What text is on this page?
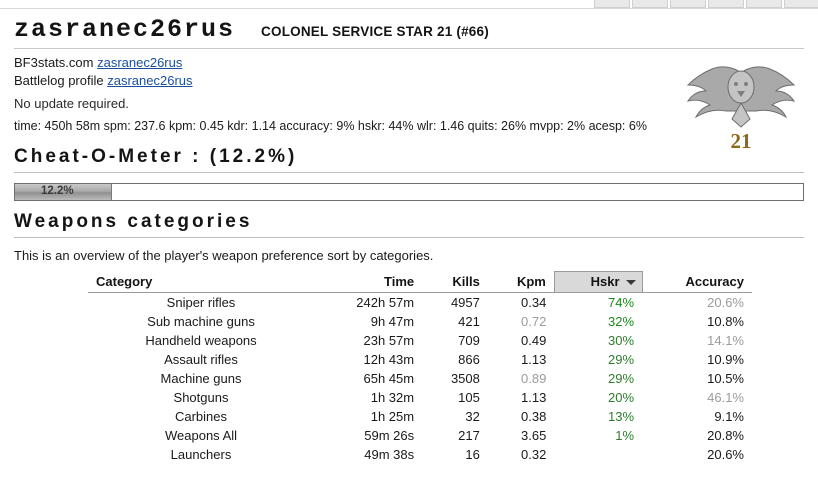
zasranec26rus COLONEL SERVICE STAR 21 (#66)
BF3stats.com zasranec26rus
Battlelog profile zasranec26rus
No update required.
time: 450h 58m spm: 237.6 kpm: 0.45 kdr: 1.14 accuracy: 9% hskr: 44% wlr: 1.46 quits: 26% mvpp: 2% acesp: 6%
21
Cheat-O-Meter : (12.2%)
12.2%
Weapons categories
This is an overview of the player's weapon preference sort by categories.
Category	Time	Kills	Kpm	Hskr	Accuracy
Sniper rifles	242h 57m	4957	0.34	74%	20.6%
Sub machine guns	9h 47m	421	0.72	32%	10.8%
Handheld weapons	23h 57m	709	0.49	30%	14.1%
Assault rifles	12h 43m	866	1.13	29%	10.9%
Machine guns	65h 45m	3508	0.89	29%	10.5%
Shotguns	1h 32m	105	1.13	20%	46.1%
Carbines	1h 25m	32	0.38	13%	9.1%
Weapons All	59m 26s	217	3.65	1%	20.8%
Launchers	49m 38s	16	0.32		20.6%
